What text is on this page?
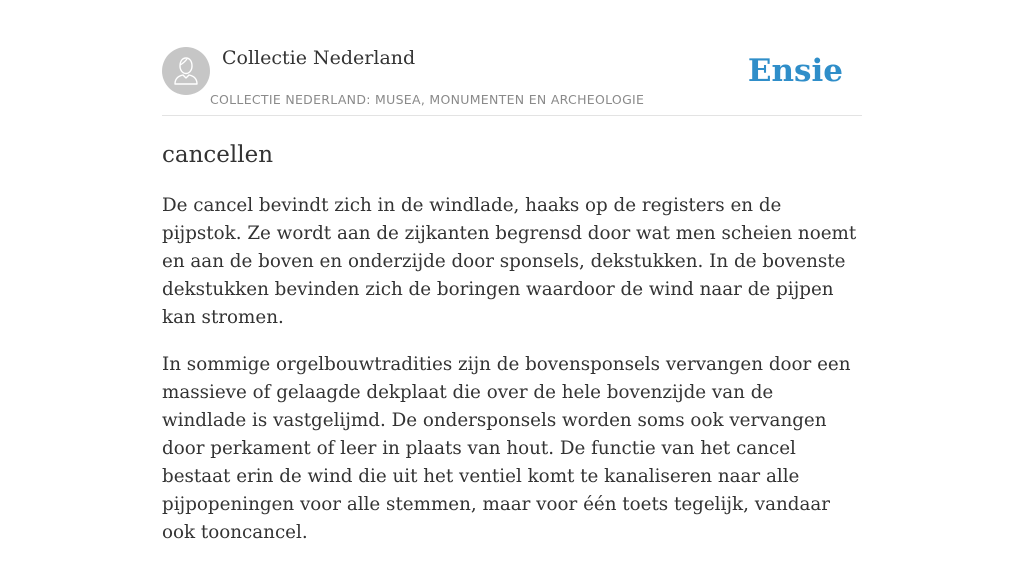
Collectie Nederland
COLLECTIE NEDERLAND: MUSEA, MONUMENTEN EN ARCHEOLOGIE
Ensie
cancellen

De cancel bevindt zich in de windlade, haaks op de registers en de pijpstok. Ze wordt aan de zijkanten begrensd door wat men scheien noemt en aan de boven en onderzijde door sponsels, dekstukken. In de bovenste dekstukken bevinden zich de boringen waardoor de wind naar de pijpen kan stromen.

In sommige orgelbouwtradities zijn de bovensponsels vervangen door een massieve of gelaagde dekplaat die over de hele bovenzijde van de windlade is vastgelijmd. De ondersponsels worden soms ook vervangen door perkament of leer in plaats van hout. De functie van het cancel bestaat erin de wind die uit het ventiel komt te kanaliseren naar alle pijpopeningen voor alle stemmen, maar voor één toets tegelijk, vandaar ook tooncancel.
